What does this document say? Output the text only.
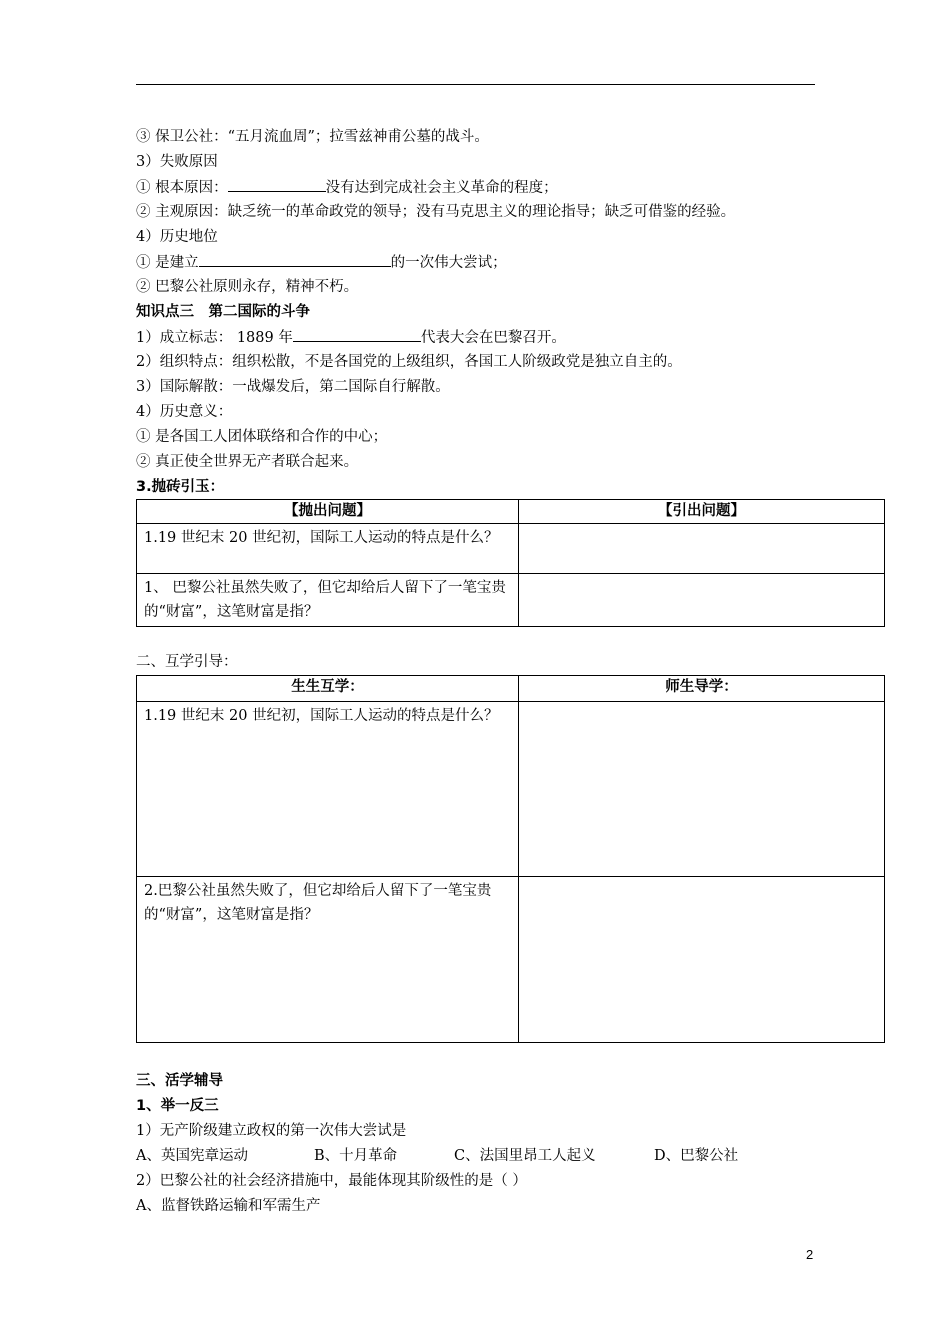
③ 保卫公社：“五月流血周”；拉雪兹神甫公墓的战斗。
3）失败原因
① 根本原因：	没有达到完成社会主义革命的程度；
② 主观原因：缺乏统一的革命政党的领导；没有马克思主义的理论指导；缺乏可借鉴的经验。
4）历史地位
① 是建立	的一次伟大尝试；
② 巴黎公社原则永存，精神不朽。
知识点三　第二国际的斗争
1）成立标志： 1889 年	代表大会在巴黎召开。
2）组织特点：组织松散，不是各国党的上级组织，各国工人阶级政党是独立自主的。
3）国际解散：一战爆发后，第二国际自行解散。
4）历史意义：
① 是各国工人团体联络和合作的中心；
② 真正使全世界无产者联合起来。
3.抛砖引玉：
【抛出问题】	【引出问题】
1.19 世纪末 20 世纪初，国际工人运动的特点是什么？	
1、 巴黎公社虽然失败了，但它却给后人留下了一笔宝贵的“财富”，这笔财富是指？	
二、互学引导：
生生互学：	师生导学：
1.19 世纪末 20 世纪初，国际工人运动的特点是什么？	
2.巴黎公社虽然失败了，但它却给后人留下了一笔宝贵的“财富”，这笔财富是指？	
三、活学辅导
1、举一反三
1）无产阶级建立政权的第一次伟大尝试是
A、英国宪章运动	B、十月革命	C、法国里昂工人起义	D、巴黎公社
2）巴黎公社的社会经济措施中，最能体现其阶级性的是（ ）
A、监督铁路运输和军需生产
2
